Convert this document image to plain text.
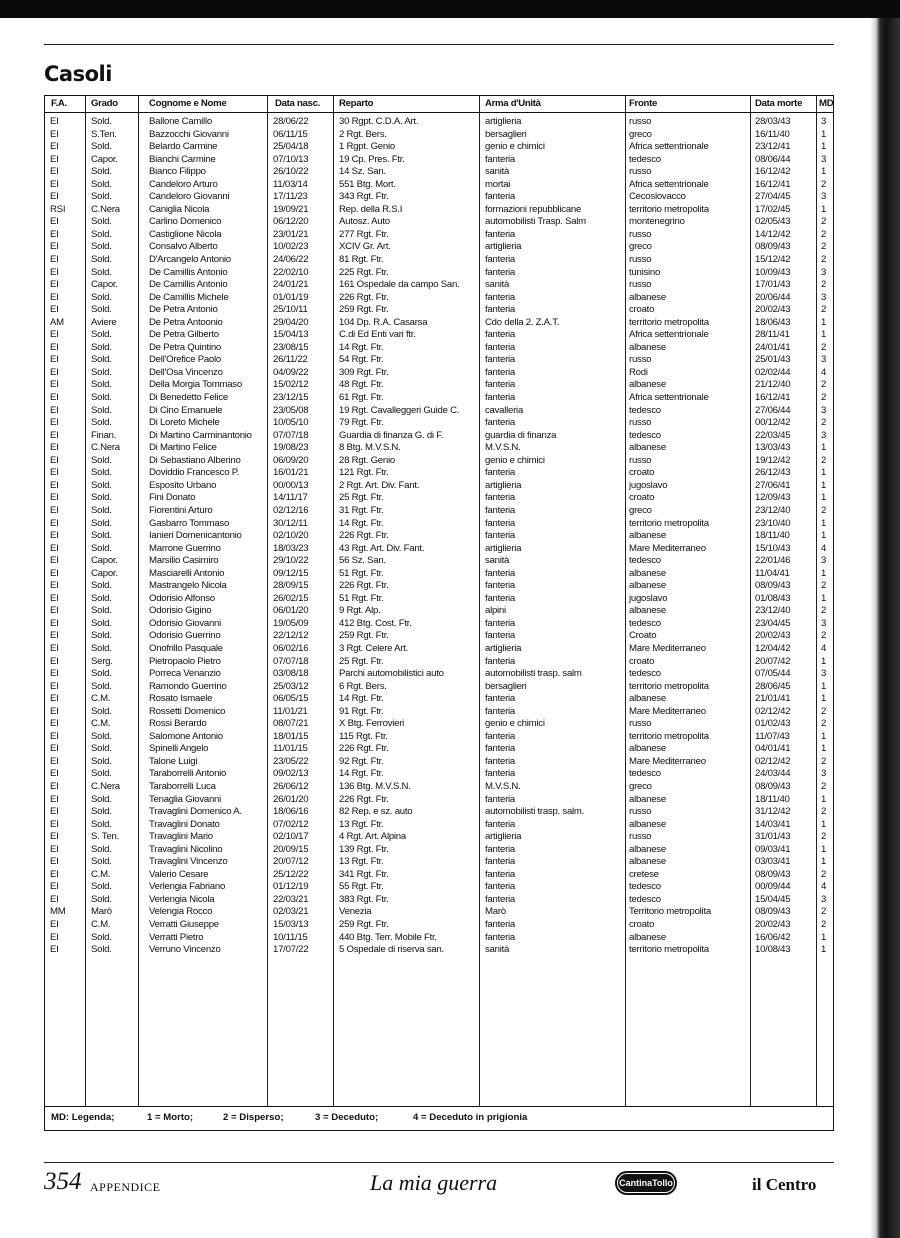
Casoli
F.A.	Grado	Cognome e Nome	Data nasc. Reparto	Arma d'Unità	Fronte	Data morte MD
EI	Sold.	Ballone Camillo	28/06/22	30 Rgpt. C.D.A. Art.	artiglieria	russo	28/03/43	3
EI	S.Ten.	Bazzocchi Giovanni	06/11/15	2 Rgt. Bers.	bersaglieri	greco	16/11/40	1
EI	Sold.	Belardo Carmine	25/04/18	1 Rgpt. Genio	genio e chimici	Africa settentrionale	23/12/41	1
EI	Capor.	Bianchi Carmine	07/10/13	19 Cp. Pres. Ftr.	fanteria	tedesco	08/06/44	3
EI	Sold.	Bianco Filippo	26/10/22	14 Sz. San.	sanità	russo	16/12/42	1
EI	Sold.	Candeloro Arturo	11/03/14	551 Btg. Mort.	mortai	Africa settentrionale	16/12/41	2
EI	Sold.	Candeloro Giovanni	17/11/23	343 Rgt. Ftr.	fanteria	Cecoslovacco	27/04/45	3
RSI	C.Nera	Caniglia Nicola	19/09/21	Rep. della R.S.I	formazioni repubblicane	territorio metropolita	17/02/45	1
EI	Sold.	Carlino Domenico	06/12/20	Autosz. Auto	automobilisti Trasp. Salm	montenegrino	02/05/43	2
EI	Sold.	Castiglione Nicola	23/01/21	277 Rgt. Ftr.	fanteria	russo	14/12/42	2
EI	Sold.	Consalvo Alberto	10/02/23	XCIV Gr. Art.	artiglieria	greco	08/09/43	2
EI	Sold.	D'Arcangelo Antonio	24/06/22	81 Rgt. Ftr.	fanteria	russo	15/12/42	2
EI	Sold.	De Camillis Antonio	22/02/10	225 Rgt. Ftr.	fanteria	tunisino	10/09/43	3
EI	Capor.	De Camillis Antonio	24/01/21	161 Ospedale da campo San.	sanità	russo	17/01/43	2
EI	Sold.	De Camillis Michele	01/01/19	226 Rgt. Ftr.	fanteria	albanese	20/06/44	3
EI	Sold.	De Petra Antonio	25/10/11	259 Rgt. Ftr.	fanteria	croato	20/02/43	2
AM	Aviere	De Petra Antoonio	29/04/20	104 Dp. R.A. Casarsa	Cdo della 2. Z.A.T.	territorio metropolita	18/06/43	1
EI	Sold.	De Petra Gilberto	15/04/13	C.di Ed Enti vari ftr.	fanteria	Africa settentrionale	28/11/41	1
EI	Sold.	De Petra Quintino	23/08/15	14 Rgt. Ftr.	fanteria	albanese	24/01/41	2
EI	Sold.	Dell'Orefice Paolo	26/11/22	54 Rgt. Ftr.	fanteria	russo	25/01/43	3
EI	Sold.	Dell'Osa Vincenzo	04/09/22	309 Rgt. Ftr.	fanteria	Rodi	02/02/44	4
EI	Sold.	Della Morgia Tommaso	15/02/12	48 Rgt. Ftr.	fanteria	albanese	21/12/40	2
EI	Sold.	Di Benedetto Felice	23/12/15	61 Rgt. Ftr.	fanteria	Africa settentrionale	16/12/41	2
EI	Sold.	Di Cino Emanuele	23/05/08	19 Rgt. Cavalleggeri Guide C.	cavalleria	tedesco	27/06/44	3
EI	Sold.	Di Loreto Michele	10/05/10	79 Rgt. Ftr.	fanteria	russo	00/12/42	2
EI	Finan.	Di Martino Carminantonio 07/07/18	Guardia di finanza G. di F.	guardia di finanza	tedesco	22/03/45	3
EI	C.Nera	Di Martino Felice	19/08/23	8 Btg. M.V.S.N.	M.V.S.N.	albanese	13/03/43	1
EI	Sold.	Di Sebastiano Alberino	06/09/20	28 Rgt. Genio	genio e chimici	russo	19/12/42	2
EI	Sold.	Doviddio Francesco P.	16/01/21	121 Rgt. Ftr.	fanteria	croato	26/12/43	1
EI	Sold.	Esposito Urbano	00/00/13	2 Rgt. Art. Div. Fant.	artiglieria	jugoslavo	27/06/41	1
EI	Sold.	Fini Donato	14/11/17	25 Rgt. Ftr.	fanteria	croato	12/09/43	1
EI	Sold.	Fiorentini Arturo	02/12/16	31 Rgt. Ftr.	fanteria	greco	23/12/40	2
EI	Sold.	Gasbarro Tommaso	30/12/11	14 Rgt. Ftr.	fanteria	territorio metropolita	23/10/40	1
EI	Sold.	Ianieri Domenicantonio	02/10/20	226 Rgt. Ftr.	fanteria	albanese	18/11/40	1
EI	Sold.	Marrone Guerrino	18/03/23	43 Rgt. Art. Div. Fant.	artiglieria	Mare Mediterraneo	15/10/43	4
EI	Capor.	Marsilio Casimiro	29/10/22	56 Sz. San.	sanità	tedesco	22/01/46	3
EI	Capor.	Masciarelli Antonio	09/12/15	51 Rgt. Ftr.	fanteria	albanese	11/04/41	1
EI	Sold.	Mastrangelo Nicola	28/09/15	226 Rgt. Ftr.	fanteria	albanese	08/09/43	2
EI	Sold.	Odorisio Alfonso	26/02/15	51 Rgt. Ftr.	fanteria	jugoslavo	01/08/43	1
EI	Sold.	Odorisio Gigino	06/01/20	9 Rgt. Alp.	alpini	albanese	23/12/40	2
EI	Sold.	Odorisio Giovanni	19/05/09	412 Btg. Cost. Ftr.	fanteria	tedesco	23/04/45	3
EI	Sold.	Odorisio Guerrino	22/12/12	259 Rgt. Ftr.	fanteria	Croato	20/02/43	2
EI	Sold.	Onofrillo Pasquale	06/02/16	3 Rgt. Celere Art.	artiglieria	Mare Mediterraneo	12/04/42	4
EI	Serg.	Pietropaolo Pietro	07/07/18	25 Rgt. Ftr.	fanteria	croato	20/07/42	1
EI	Sold.	Porreca Venanzio	03/08/18	Parchi automobilistici auto	automobilisti trasp. salm	tedesco	07/05/44	3
EI	Sold.	Ramondo Guerrino	25/03/12	6 Rgt. Bers.	bersaglieri	territorio metropolita	28/06/45	1
EI	C.M.	Rosato Ismaele	06/05/15	14 Rgt. Ftr.	fanteria	albanese	21/01/41	1
EI	Sold.	Rossetti Domenico	11/01/21	91 Rgt. Ftr.	fanteria	Mare Mediterraneo	02/12/42	2
EI	C.M.	Rossi Berardo	08/07/21	X Btg. Ferrovieri	genio e chimici	russo	01/02/43	2
EI	Sold.	Salomone Antonio	18/01/15	115 Rgt. Ftr.	fanteria	territorio metropolita	11/07/43	1
EI	Sold.	Spinelli Angelo	11/01/15	226 Rgt. Ftr.	fanteria	albanese	04/01/41	1
EI	Sold.	Talone Luigi	23/05/22	92 Rgt. Ftr.	fanteria	Mare Mediterraneo	02/12/42	2
EI	Sold.	Taraborrelli Antonio	09/02/13	14 Rgt. Ftr.	fanteria	tedesco	24/03/44	3
EI	C.Nera	Taraborrelli Luca	26/06/12	136 Btg. M.V.S.N.	M.V.S.N.	greco	08/09/43	2
EI	Sold.	Tenaglia Giovanni	26/01/20	226 Rgt. Ftr.	fanteria	albanese	18/11/40	1
EI	Sold.	Travaglini Domenico A.	18/06/16	82 Rep. e sz. auto	automobilisti trasp. salm.	russo	31/12/42	2
EI	Sold.	Travaglini Donato	07/02/12	13 Rgt. Ftr.	fanteria	albanese	14/03/41	1
EI	S. Ten.	Travaglini Mario	02/10/17	4 Rgt. Art. Alpina	artiglieria	russo	31/01/43	2
EI	Sold.	Travaglini Nicolino	20/09/15	139 Rgt. Ftr.	fanteria	albanese	09/03/41	1
EI	Sold.	Travaglini Vincenzo	20/07/12	13 Rgt. Ftr.	fanteria	albanese	03/03/41	1
EI	C.M.	Valerio Cesare	25/12/22	341 Rgt. Ftr.	fanteria	cretese	08/09/43	2
EI	Sold.	Verlengia Fabriano	01/12/19	55 Rgt. Ftr.	fanteria	tedesco	00/09/44	4
EI	Sold.	Verlengia Nicola	22/03/21	383 Rgt. Ftr.	fanteria	tedesco	15/04/45	3
MM	Marò	Velengia Rocco	02/03/21	Venezia	Marò	Territorio metropolita	08/09/43	2
EI	C.M.	Verratti Giuseppe	15/03/13	259 Rgt. Ftr.	fanteria	croato	20/02/43	2
EI	Sold.	Verratti Pietro	10/11/15	440 Btg. Terr. Mobile Ftr.	fanteria	albanese	16/06/42	1
EI	Sold.	Verruno Vincenzo	17/07/22	5 Ospedale di riserva san.	sanità	territorio metropolita	10/08/43	1
MD: Legenda;	1 = Morto;	2 = Disperso;	3 = Deceduto;	4 = Deceduto in prigionia
354 APPENDICE	La mia guerra	CantinaTollo	il Centro
